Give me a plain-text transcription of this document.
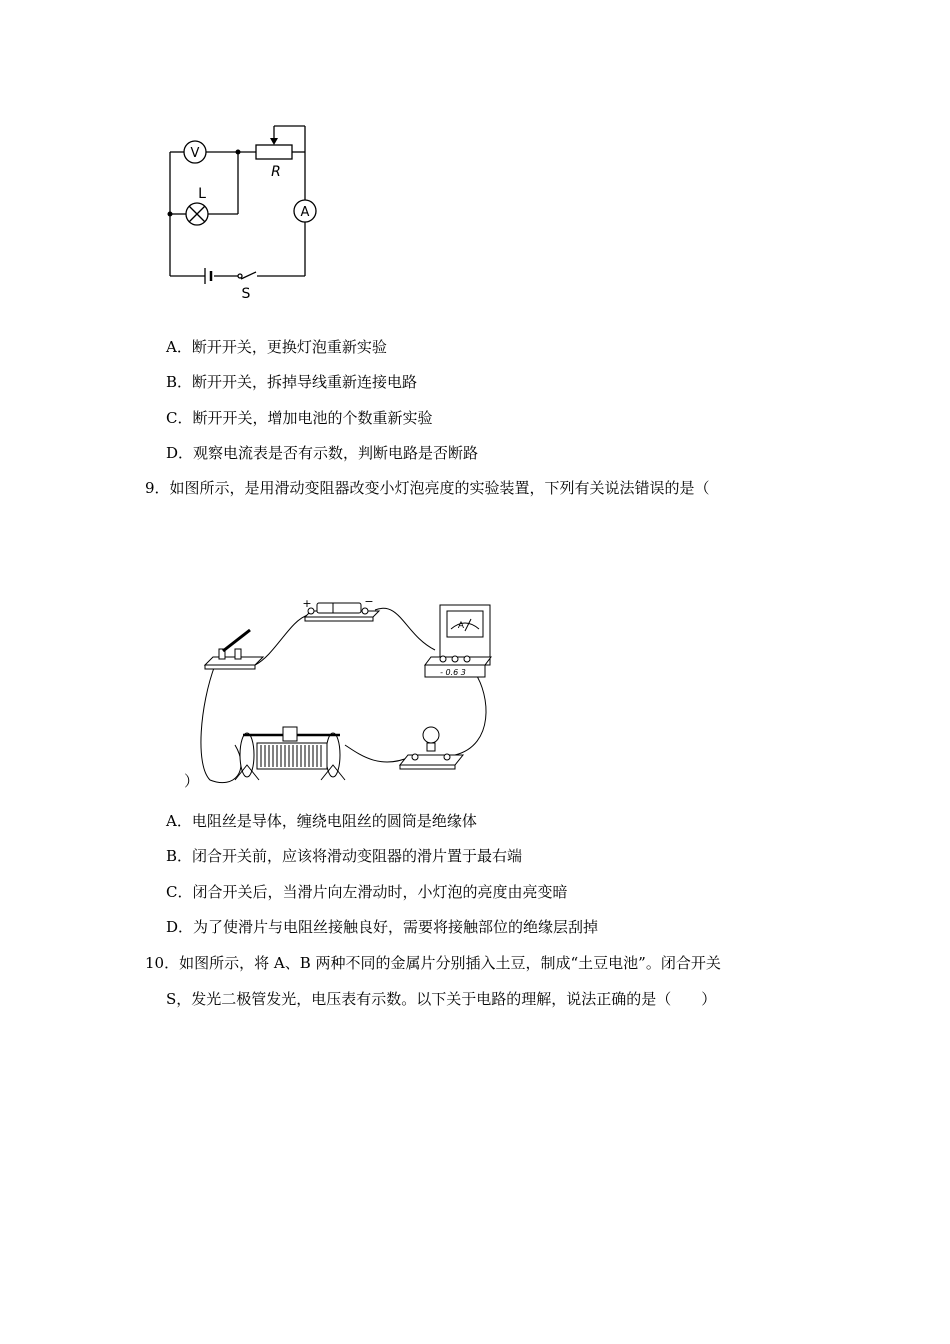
V
L
R
A
S
A．断开开关，更换灯泡重新实验
B．断开开关，拆掉导线重新连接电路
C．断开开关，增加电池的个数重新实验
D．观察电流表是否有示数，判断电路是否断路
9．如图所示，是用滑动变阻器改变小灯泡亮度的实验装置，下列有关说法错误的是（
+	−
A
- 0.6 3
）
A．电阻丝是导体，缠绕电阻丝的圆筒是绝缘体
B．闭合开关前，应该将滑动变阻器的滑片置于最右端
C．闭合开关后，当滑片向左滑动时，小灯泡的亮度由亮变暗
D．为了使滑片与电阻丝接触良好，需要将接触部位的绝缘层刮掉
10．如图所示，将 A、B 两种不同的金属片分别插入土豆，制成“土豆电池”。闭合开关
S，发光二极管发光，电压表有示数。以下关于电路的理解，说法正确的是（　　）
